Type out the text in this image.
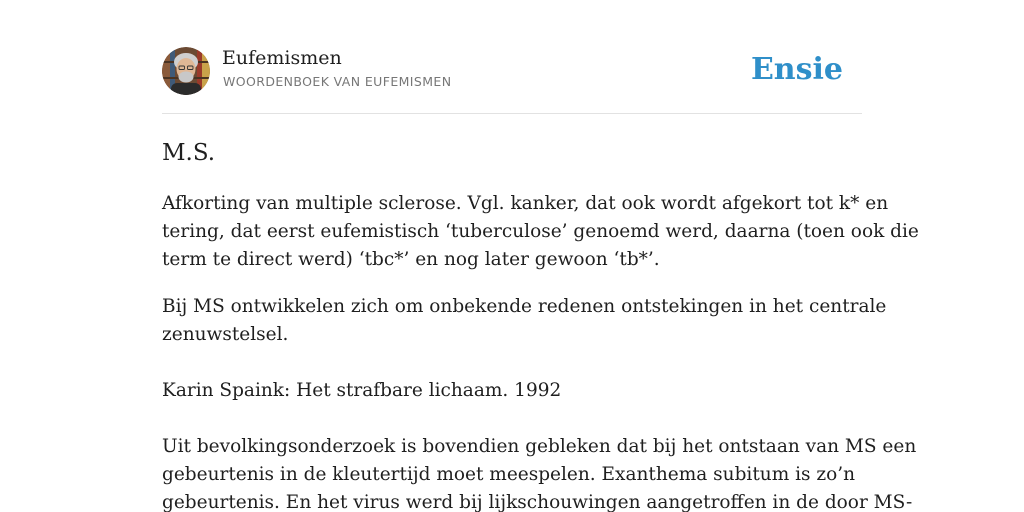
Eufemismen
WOORDENBOEK VAN EUFEMISMEN	Ensie
M.S.

Afkorting van multiple sclerose. Vgl. kanker, dat ook wordt afgekort tot k* en

tering, dat eerst eufemistisch ‘tuberculose’ genoemd werd, daarna (toen ook die

term te direct werd) ‘tbc*’ en nog later gewoon ‘tb*’.

Bij MS ontwikkelen zich om onbekende redenen ontstekingen in het centrale

zenuwstelsel.

Karin Spaink: Het strafbare lichaam. 1992

Uit bevolkingsonderzoek is bovendien gebleken dat bij het ontstaan van MS een

gebeurtenis in de kleutertijd moet meespelen. Exanthema subitum is zo’n

gebeurtenis. En het virus werd bij lijkschouwingen aangetroffen in de door MS-
